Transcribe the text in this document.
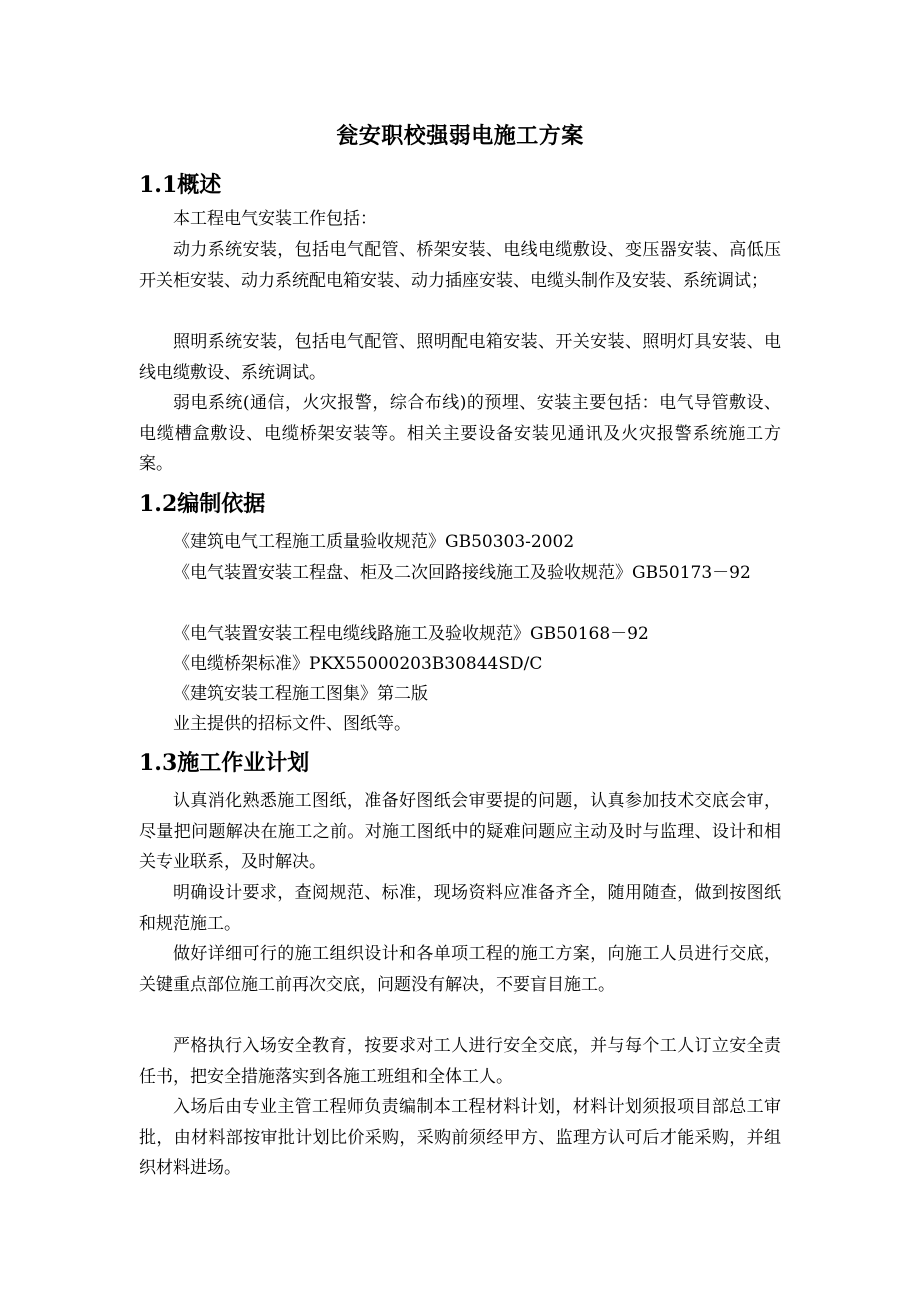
瓮安职校强弱电施工方案
1.1概述
本工程电气安装工作包括：
动力系统安装，包括电气配管、桥架安装、电线电缆敷设、变压器安装、高低压开关柜安装、动力系统配电箱安装、动力插座安装、电缆头制作及安装、系统调试；
照明系统安装，包括电气配管、照明配电箱安装、开关安装、照明灯具安装、电线电缆敷设、系统调试。
弱电系统(通信，火灾报警，综合布线)的预埋、安装主要包括：电气导管敷设、电缆槽盒敷设、电缆桥架安装等。相关主要设备安装见通讯及火灾报警系统施工方案。
1.2编制依据
《建筑电气工程施工质量验收规范》GB50303-2002
《电气装置安装工程盘、柜及二次回路接线施工及验收规范》GB50173－92
《电气装置安装工程电缆线路施工及验收规范》GB50168－92
《电缆桥架标准》PKX55000203B30844SD/C
《建筑安装工程施工图集》第二版
业主提供的招标文件、图纸等。
1.3施工作业计划
认真消化熟悉施工图纸，准备好图纸会审要提的问题，认真参加技术交底会审，尽量把问题解决在施工之前。对施工图纸中的疑难问题应主动及时与监理、设计和相关专业联系，及时解决。
明确设计要求，查阅规范、标准，现场资料应准备齐全，随用随查，做到按图纸和规范施工。
做好详细可行的施工组织设计和各单项工程的施工方案，向施工人员进行交底，关键重点部位施工前再次交底，问题没有解决，不要盲目施工。
严格执行入场安全教育，按要求对工人进行安全交底，并与每个工人订立安全责任书，把安全措施落实到各施工班组和全体工人。
入场后由专业主管工程师负责编制本工程材料计划，材料计划须报项目部总工审批，由材料部按审批计划比价采购，采购前须经甲方、监理方认可后才能采购，并组织材料进场。
